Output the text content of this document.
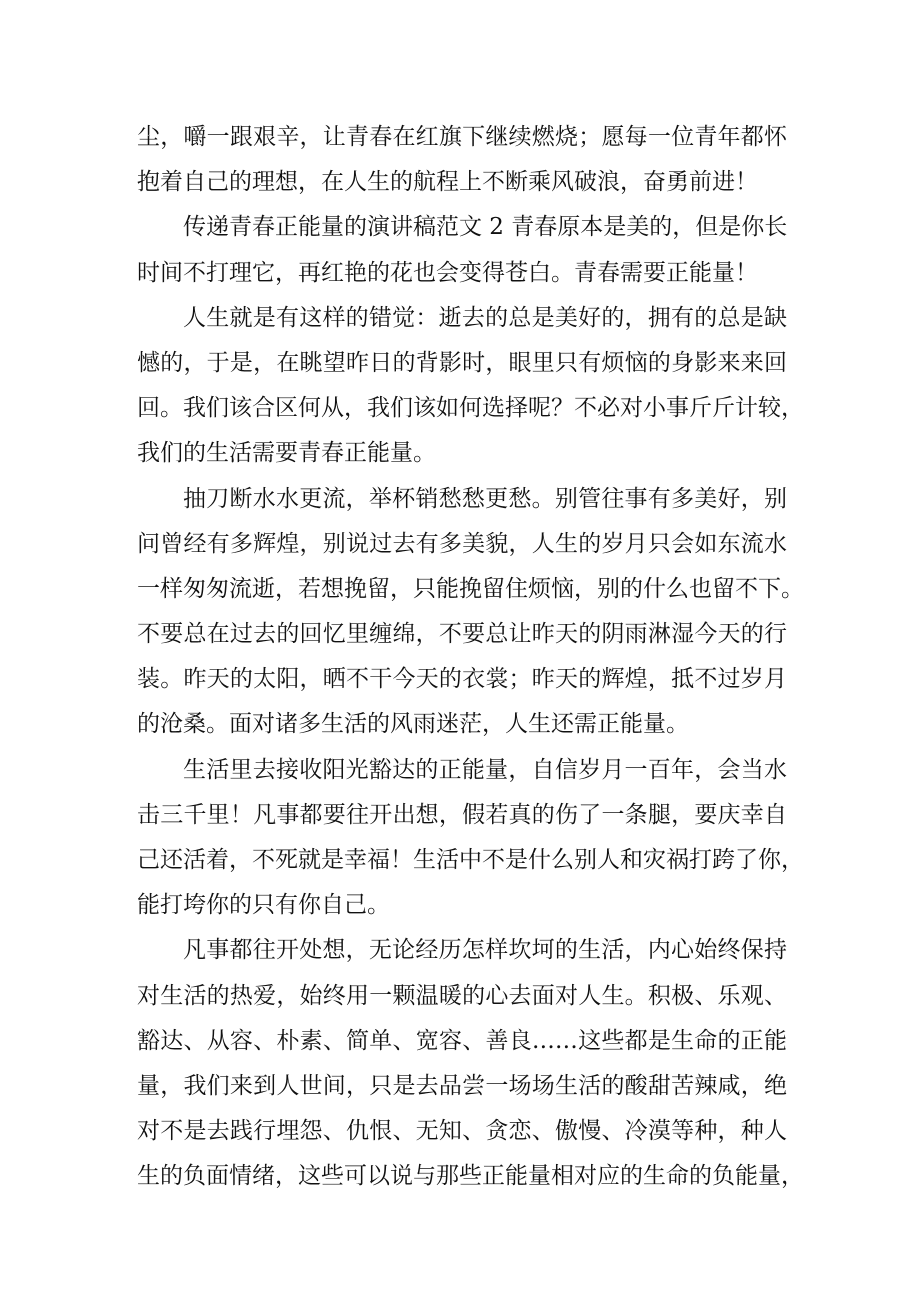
尘，嚼一跟艰辛，让青春在红旗下继续燃烧；愿每一位青年都怀
抱着自己的理想，在人生的航程上不断乘风破浪，奋勇前进！
传递青春正能量的演讲稿范文 2 青春原本是美的，但是你长
时间不打理它，再红艳的花也会变得苍白。青春需要正能量！
人生就是有这样的错觉：逝去的总是美好的，拥有的总是缺
憾的，于是，在眺望昨日的背影时，眼里只有烦恼的身影来来回
回。我们该合区何从，我们该如何选择呢？不必对小事斤斤计较，
我们的生活需要青春正能量。
抽刀断水水更流，举杯销愁愁更愁。别管往事有多美好，别
问曾经有多辉煌，别说过去有多美貌，人生的岁月只会如东流水
一样匆匆流逝，若想挽留，只能挽留住烦恼，别的什么也留不下。
不要总在过去的回忆里缠绵，不要总让昨天的阴雨淋湿今天的行
装。昨天的太阳，晒不干今天的衣裳；昨天的辉煌，抵不过岁月
的沧桑。面对诸多生活的风雨迷茫，人生还需正能量。
生活里去接收阳光豁达的正能量，自信岁月一百年，会当水
击三千里！凡事都要往开出想，假若真的伤了一条腿，要庆幸自
己还活着，不死就是幸福！生活中不是什么别人和灾祸打跨了你，
能打垮你的只有你自己。
凡事都往开处想，无论经历怎样坎坷的生活，内心始终保持
对生活的热爱，始终用一颗温暖的心去面对人生。积极、乐观、
豁达、从容、朴素、简单、宽容、善良……这些都是生命的正能
量，我们来到人世间，只是去品尝一场场生活的酸甜苦辣咸，绝
对不是去践行埋怨、仇恨、无知、贪恋、傲慢、冷漠等种，种人
生的负面情绪，这些可以说与那些正能量相对应的生命的负能量，
